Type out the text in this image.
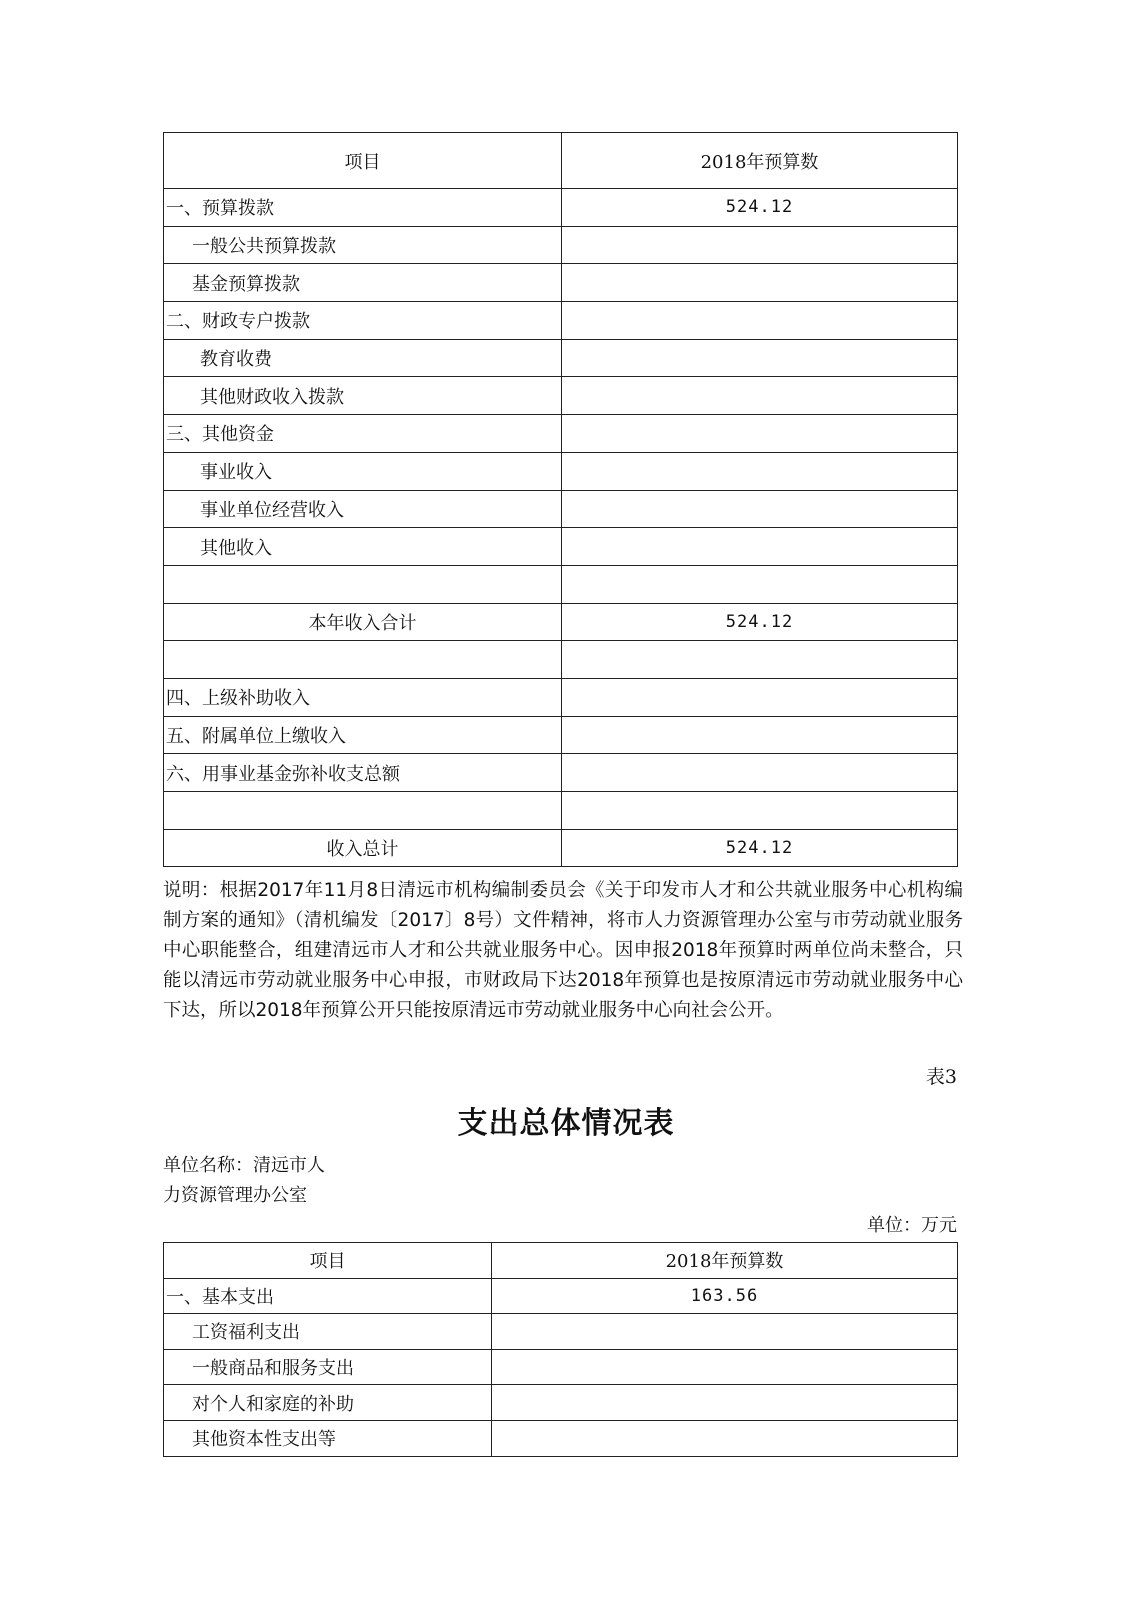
项目	2018年预算数
一、预算拨款	524.12
一般公共预算拨款	
基金预算拨款	
二、财政专户拨款	
教育收费	
其他财政收入拨款	
三、其他资金	
事业收入	
事业单位经营收入	
其他收入	

本年收入合计	524.12

四、上级补助收入	
五、附属单位上缴收入	
六、用事业基金弥补收支总额	

收入总计	524.12
说明：根据2017年11月8日清远市机构编制委员会《关于印发市人才和公共就业服务中心机构编制方案的通知》（清机编发〔2017〕8号）文件精神，将市人力资源管理办公室与市劳动就业服务中心职能整合，组建清远市人才和公共就业服务中心。因申报2018年预算时两单位尚未整合，只能以清远市劳动就业服务中心申报，市财政局下达2018年预算也是按原清远市劳动就业服务中心下达，所以2018年预算公开只能按原清远市劳动就业服务中心向社会公开。
表3
支出总体情况表
单位名称：清远市人力资源管理办公室
单位：万元
项目	2018年预算数
一、基本支出	163.56
工资福利支出	
一般商品和服务支出	
对个人和家庭的补助	
其他资本性支出等	
